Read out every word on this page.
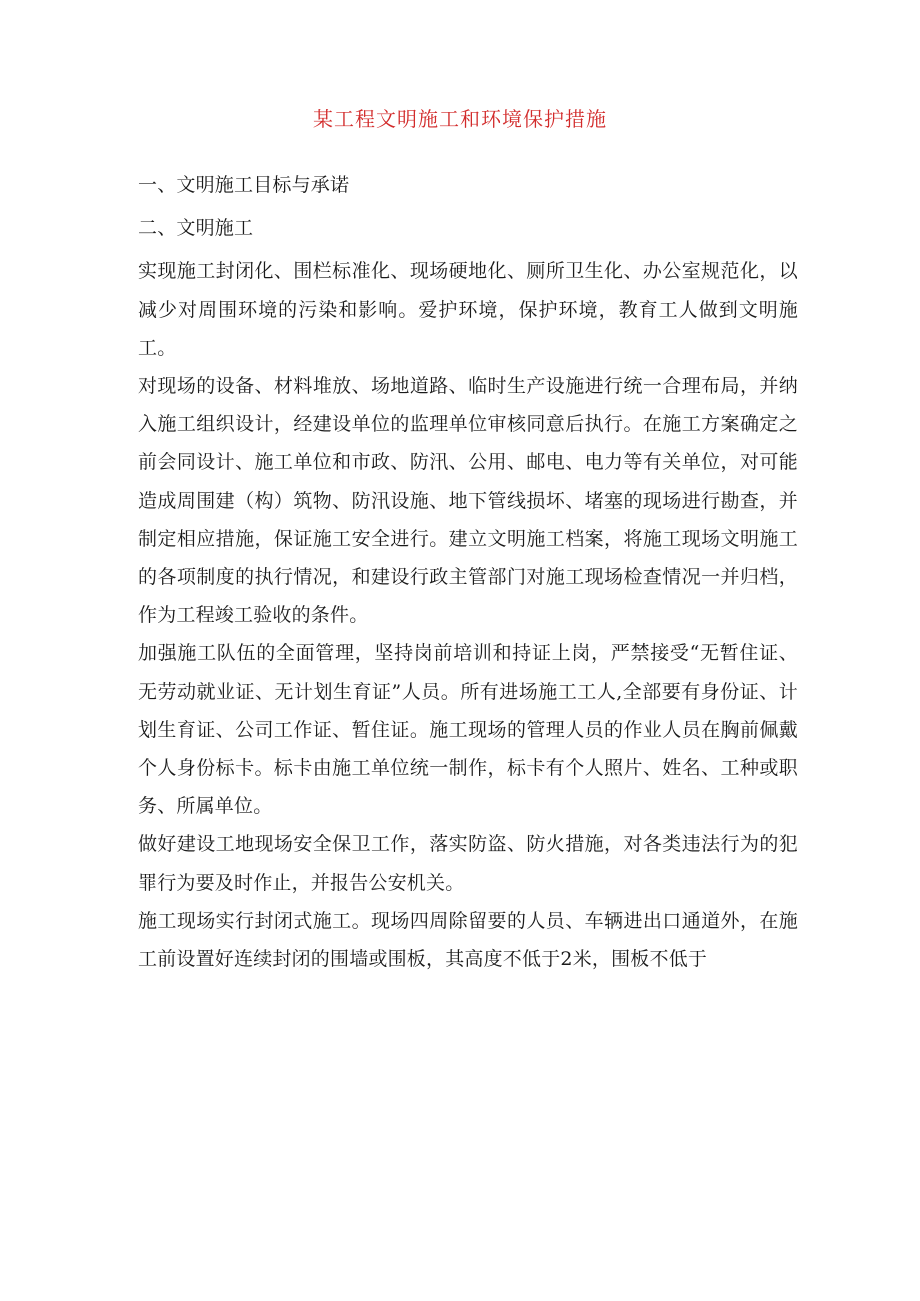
某工程文明施工和环境保护措施

一、文明施工目标与承诺

二、文明施工

实现施工封闭化、围栏标准化、现场硬地化、厕所卫生化、办公室规范化，以减少对周围环境的污染和影响。爱护环境，保护环境，教育工人做到文明施工。

对现场的设备、材料堆放、场地道路、临时生产设施进行统一合理布局，并纳入施工组织设计，经建设单位的监理单位审核同意后执行。在施工方案确定之前会同设计、施工单位和市政、防汛、公用、邮电、电力等有关单位，对可能造成周围建（构）筑物、防汛设施、地下管线损坏、堵塞的现场进行勘查，并制定相应措施，保证施工安全进行。建立文明施工档案，将施工现场文明施工的各项制度的执行情况，和建设行政主管部门对施工现场检查情况一并归档，作为工程竣工验收的条件。

加强施工队伍的全面管理，坚持岗前培训和持证上岗，严禁接受“无暂住证、无劳动就业证、无计划生育证”人员。所有进场施工工人,全部要有身份证、计划生育证、公司工作证、暂住证。施工现场的管理人员的作业人员在胸前佩戴个人身份标卡。标卡由施工单位统一制作，标卡有个人照片、姓名、工种或职务、所属单位。

做好建设工地现场安全保卫工作，落实防盗、防火措施，对各类违法行为的犯罪行为要及时作止，并报告公安机关。

施工现场实行封闭式施工。现场四周除留要的人员、车辆进出口通道外，在施工前设置好连续封闭的围墙或围板，其高度不低于2米，围板不低于
